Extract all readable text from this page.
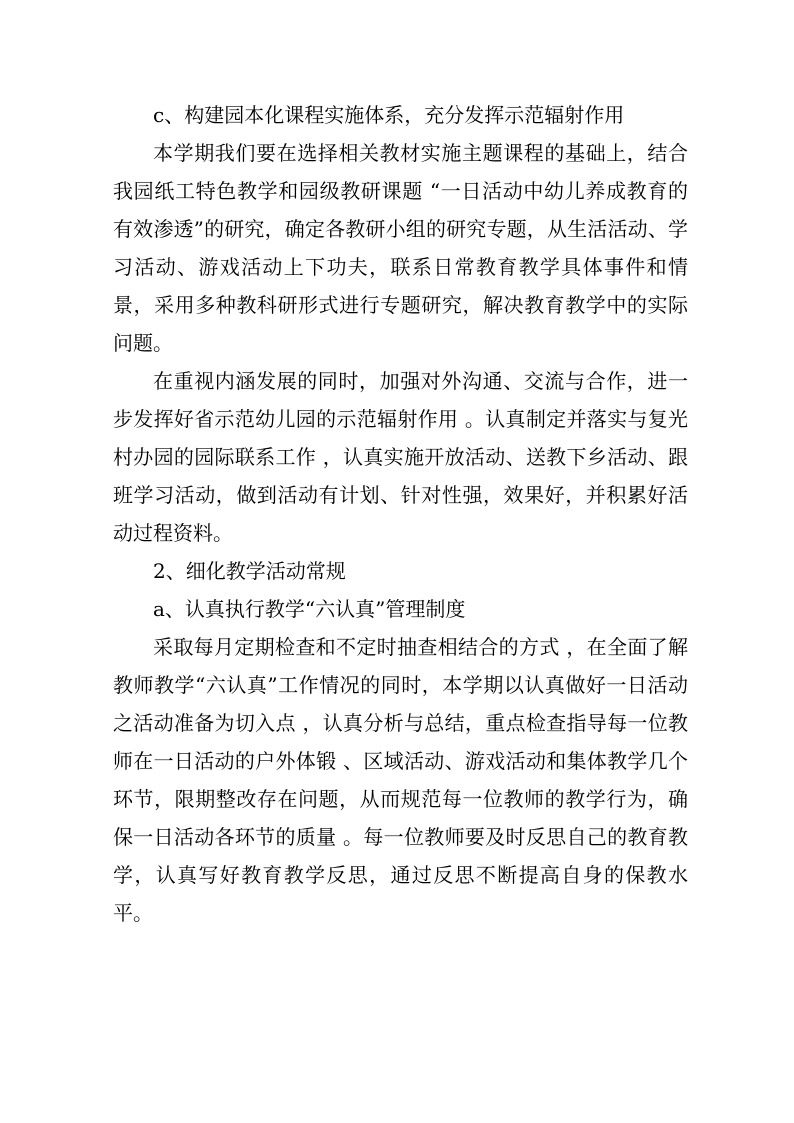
c、构建园本化课程实施体系，充分发挥示范辐射作用

本学期我们要在选择相关教材实施主题课程的基础上，结合我园纸工特色教学和园级教研课题 “一日活动中幼儿养成教育的有效渗透”的研究，确定各教研小组的研究专题，从生活活动、学习活动、游戏活动上下功夫，联系日常教育教学具体事件和情景，采用多种教科研形式进行专题研究，解决教育教学中的实际问题。

在重视内涵发展的同时，加强对外沟通、交流与合作，进一步发挥好省示范幼儿园的示范辐射作用 。认真制定并落实与复光村办园的园际联系工作 ，认真实施开放活动、送教下乡活动、跟班学习活动，做到活动有计划、针对性强，效果好，并积累好活动过程资料。

2、细化教学活动常规

a、认真执行教学“六认真”管理制度

采取每月定期检查和不定时抽查相结合的方式 ，在全面了解教师教学“六认真”工作情况的同时，本学期以认真做好一日活动之活动准备为切入点 ，认真分析与总结，重点检查指导每一位教师在一日活动的户外体锻 、区域活动、游戏活动和集体教学几个环节，限期整改存在问题，从而规范每一位教师的教学行为，确保一日活动各环节的质量 。每一位教师要及时反思自己的教育教学，认真写好教育教学反思，通过反思不断提高自身的保教水平。
